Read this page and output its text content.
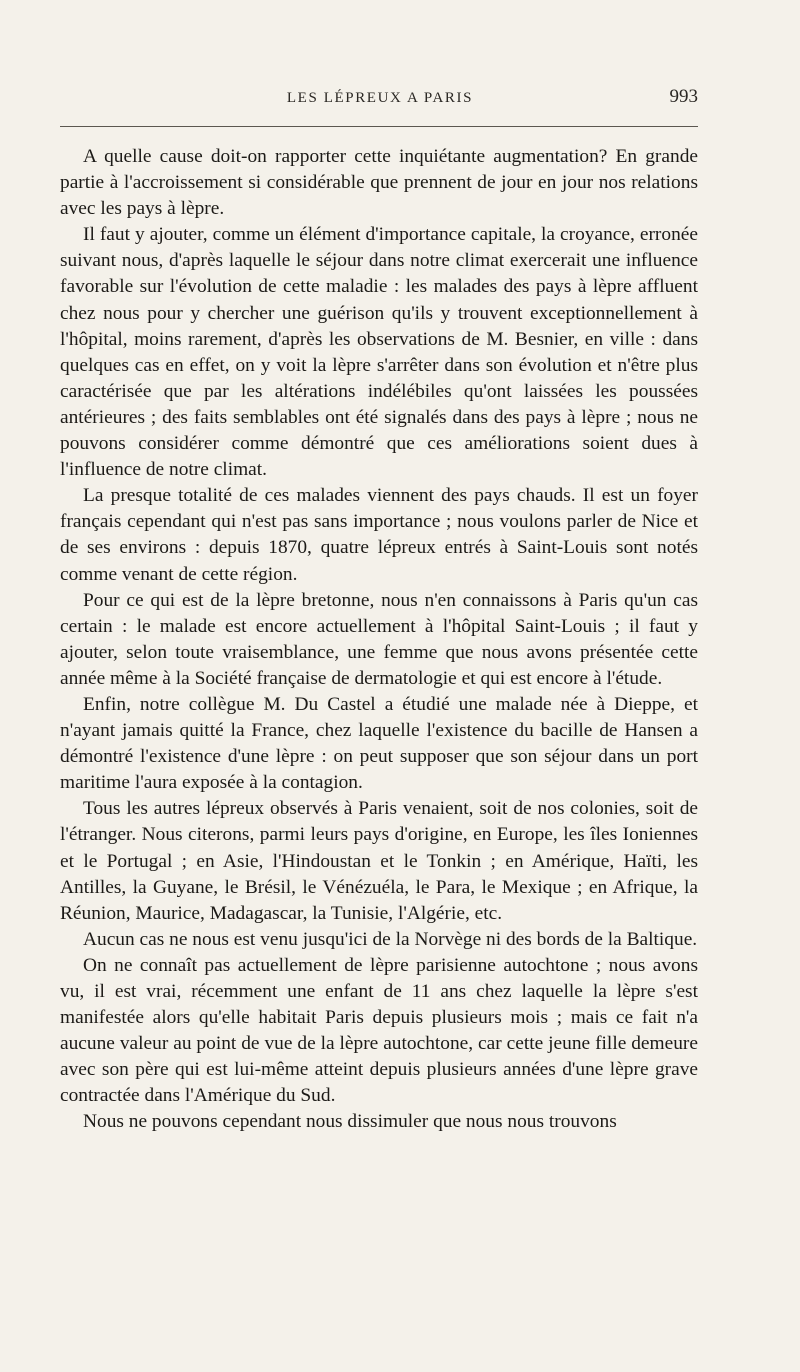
LES LÉPREUX A PARIS	993

A quelle cause doit-on rapporter cette inquiétante augmentation? En grande partie à l'accroissement si considérable que prennent de jour en jour nos relations avec les pays à lèpre.

Il faut y ajouter, comme un élément d'importance capitale, la croyance, erronée suivant nous, d'après laquelle le séjour dans notre climat exercerait une influence favorable sur l'évolution de cette maladie : les malades des pays à lèpre affluent chez nous pour y chercher une guérison qu'ils y trouvent exceptionnellement à l'hôpital, moins rarement, d'après les observations de M. Besnier, en ville : dans quelques cas en effet, on y voit la lèpre s'arrêter dans son évolution et n'être plus caractérisée que par les altérations indélébiles qu'ont laissées les poussées antérieures ; des faits semblables ont été signalés dans des pays à lèpre ; nous ne pouvons considérer comme démontré que ces améliorations soient dues à l'influence de notre climat.

La presque totalité de ces malades viennent des pays chauds. Il est un foyer français cependant qui n'est pas sans importance ; nous voulons parler de Nice et de ses environs : depuis 1870, quatre lépreux entrés à Saint-Louis sont notés comme venant de cette région.

Pour ce qui est de la lèpre bretonne, nous n'en connaissons à Paris qu'un cas certain : le malade est encore actuellement à l'hôpital Saint-Louis ; il faut y ajouter, selon toute vraisemblance, une femme que nous avons présentée cette année même à la Société française de dermatologie et qui est encore à l'étude.

Enfin, notre collègue M. Du Castel a étudié une malade née à Dieppe, et n'ayant jamais quitté la France, chez laquelle l'existence du bacille de Hansen a démontré l'existence d'une lèpre : on peut supposer que son séjour dans un port maritime l'aura exposée à la contagion.

Tous les autres lépreux observés à Paris venaient, soit de nos colonies, soit de l'étranger. Nous citerons, parmi leurs pays d'origine, en Europe, les îles Ioniennes et le Portugal ; en Asie, l'Hindoustan et le Tonkin ; en Amérique, Haïti, les Antilles, la Guyane, le Brésil, le Vénézuéla, le Para, le Mexique ; en Afrique, la Réunion, Maurice, Madagascar, la Tunisie, l'Algérie, etc.

Aucun cas ne nous est venu jusqu'ici de la Norvège ni des bords de la Baltique.

On ne connaît pas actuellement de lèpre parisienne autochtone ; nous avons vu, il est vrai, récemment une enfant de 11 ans chez laquelle la lèpre s'est manifestée alors qu'elle habitait Paris depuis plusieurs mois ; mais ce fait n'a aucune valeur au point de vue de la lèpre autochtone, car cette jeune fille demeure avec son père qui est lui-même atteint depuis plusieurs années d'une lèpre grave contractée dans l'Amérique du Sud.

Nous ne pouvons cependant nous dissimuler que nous nous trouvons
